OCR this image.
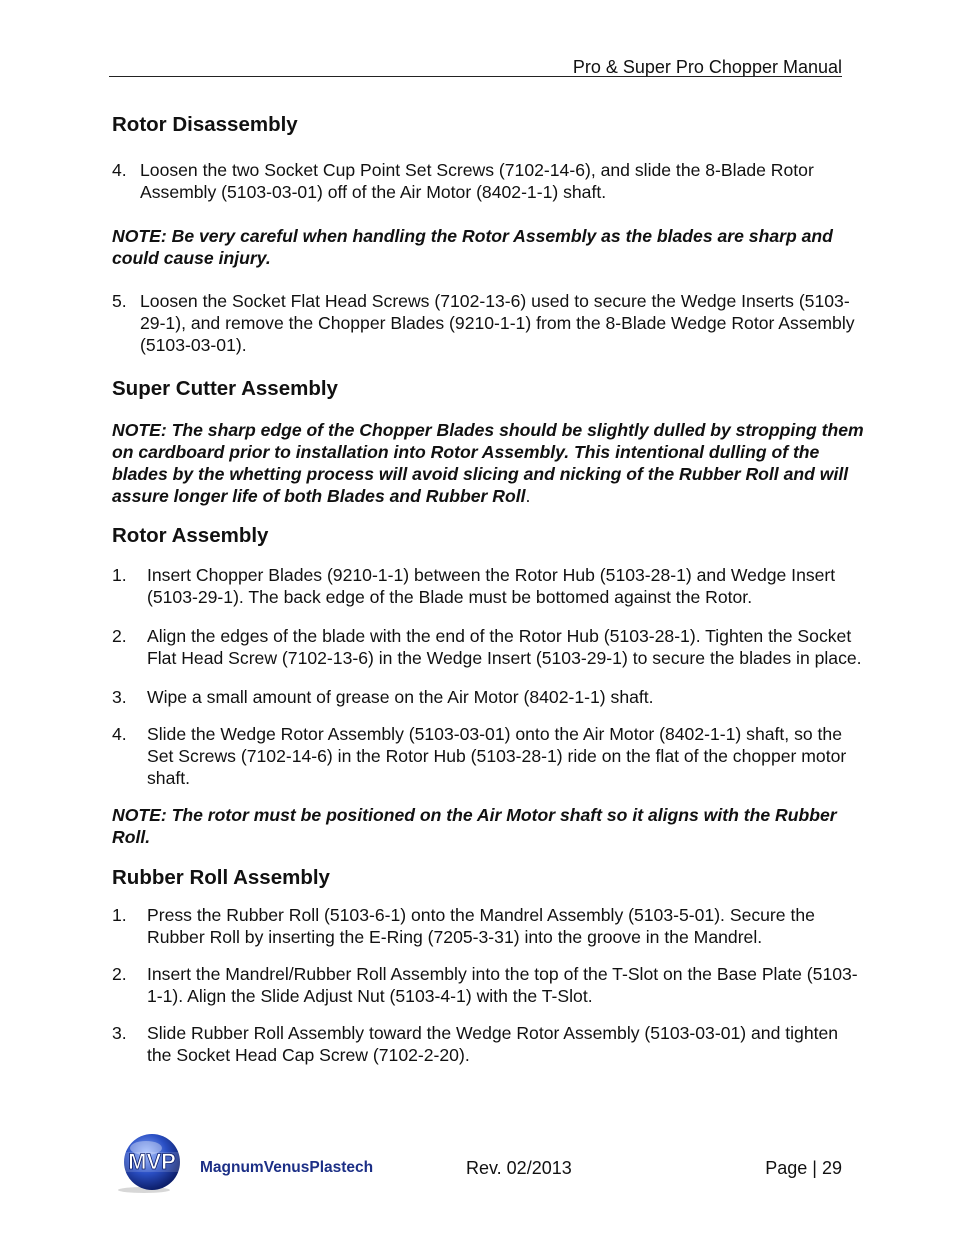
Pro & Super Pro Chopper Manual
Rotor Disassembly
4. Loosen the two Socket Cup Point Set Screws (7102-14-6), and slide the 8-Blade Rotor Assembly (5103-03-01) off of the Air Motor (8402-1-1) shaft.

NOTE: Be very careful when handling the Rotor Assembly as the blades are sharp and could cause injury.

5. Loosen the Socket Flat Head Screws (7102-13-6) used to secure the Wedge Inserts (5103-29-1), and remove the Chopper Blades (9210-1-1) from the 8-Blade Wedge Rotor Assembly (5103-03-01).
Super Cutter Assembly

NOTE: The sharp edge of the Chopper Blades should be slightly dulled by stropping them on cardboard prior to installation into Rotor Assembly. This intentional dulling of the blades by the whetting process will avoid slicing and nicking of the Rubber Roll and will assure longer life of both Blades and Rubber Roll.

Rotor Assembly
1.	Insert Chopper Blades (9210-1-1) between the Rotor Hub (5103-28-1) and Wedge Insert (5103-29-1). The back edge of the Blade must be bottomed against the Rotor.
2.	Align the edges of the blade with the end of the Rotor Hub (5103-28-1). Tighten the Socket Flat Head Screw (7102-13-6) in the Wedge Insert (5103-29-1) to secure the blades in place.
3.	Wipe a small amount of grease on the Air Motor (8402-1-1) shaft.
4.	Slide the Wedge Rotor Assembly (5103-03-01) onto the Air Motor (8402-1-1) shaft, so the Set Screws (7102-14-6) in the Rotor Hub (5103-28-1) ride on the flat of the chopper motor shaft.

NOTE: The rotor must be positioned on the Air Motor shaft so it aligns with the Rubber Roll.

Rubber Roll Assembly
1.	Press the Rubber Roll (5103-6-1) onto the Mandrel Assembly (5103-5-01). Secure the Rubber Roll by inserting the E-Ring (7205-3-31) into the groove in the Mandrel.
2.	Insert the Mandrel/Rubber Roll Assembly into the top of the T-Slot on the Base Plate (5103-1-1). Align the Slide Adjust Nut (5103-4-1) with the T-Slot.
3.	Slide Rubber Roll Assembly toward the Wedge Rotor Assembly (5103-03-01) and tighten the Socket Head Cap Screw (7102-2-20).
MVP MagnumVenusPlastech	Rev. 02/2013	Page | 29
